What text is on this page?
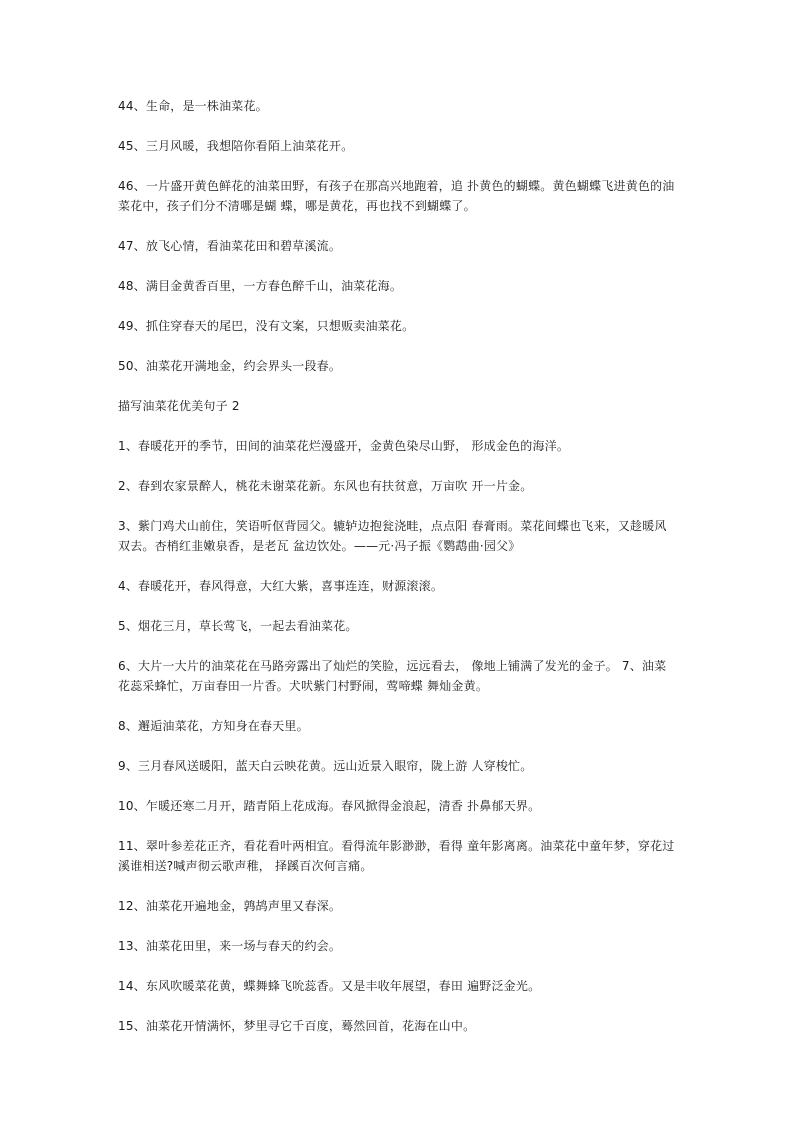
44、生命，是一株油菜花。

45、三月风暖，我想陪你看陌上油菜花开。

46、一片盛开黄色鲜花的油菜田野，有孩子在那高兴地跑着，追 扑黄色的蝴蝶。黄色蝴蝶飞进黄色的油菜花中，孩子们分不清哪是蝴 蝶，哪是黄花，再也找不到蝴蝶了。

47、放飞心情，看油菜花田和碧草溪流。

48、满目金黄香百里，一方春色醉千山，油菜花海。

49、抓住穿春天的尾巴，没有文案，只想贩卖油菜花。

50、油菜花开满地金，约会界头一段春。

描写油菜花优美句子 2

1、春暖花开的季节，田间的油菜花烂漫盛开，金黄色染尽山野， 形成金色的海洋。

2、春到农家景醉人，桃花未谢菜花新。东风也有扶贫意，万亩吹 开一片金。

3、紫门鸡犬山前住，笑语听伛背园父。辘轳边抱瓮浇畦，点点阳 春膏雨。菜花间蝶也飞来，又趁暖风双去。杏梢红韭嫩泉香，是老瓦 盆边饮处。——元·冯子振《鹦鹉曲·园父》

4、春暖花开，春风得意，大红大紫，喜事连连，财源滚滚。

5、烟花三月，草长莺飞，一起去看油菜花。

6、大片一大片的油菜花在马路旁露出了灿烂的笑脸，远远看去， 像地上铺满了发光的金子。 7、油菜花蕊采蜂忙，万亩春田一片香。犬吠紫门村野闹，莺啼蝶 舞灿金黄。

8、邂逅油菜花，方知身在春天里。

9、三月春风送暖阳，蓝天白云映花黄。远山近景入眼帘，陇上游 人穿梭忙。

10、乍暖还寒二月开，踏青陌上花成海。春风掀得金浪起，清香 扑鼻郁天界。

11、翠叶参差花正齐，看花看叶两相宜。看得流年影渺渺，看得 童年影离离。油菜花中童年梦，穿花过溪谁相送?喊声彻云歌声稚， 择蹊百次何言痛。

12、油菜花开遍地金，鹑鸪声里又春深。

13、油菜花田里，来一场与春天的约会。

14、东风吹暖菜花黄，蝶舞蜂飞吮蕊香。又是丰收年展望，春田 遍野泛金光。

15、油菜花开情满怀，梦里寻它千百度，蓦然回首，花海在山中。
